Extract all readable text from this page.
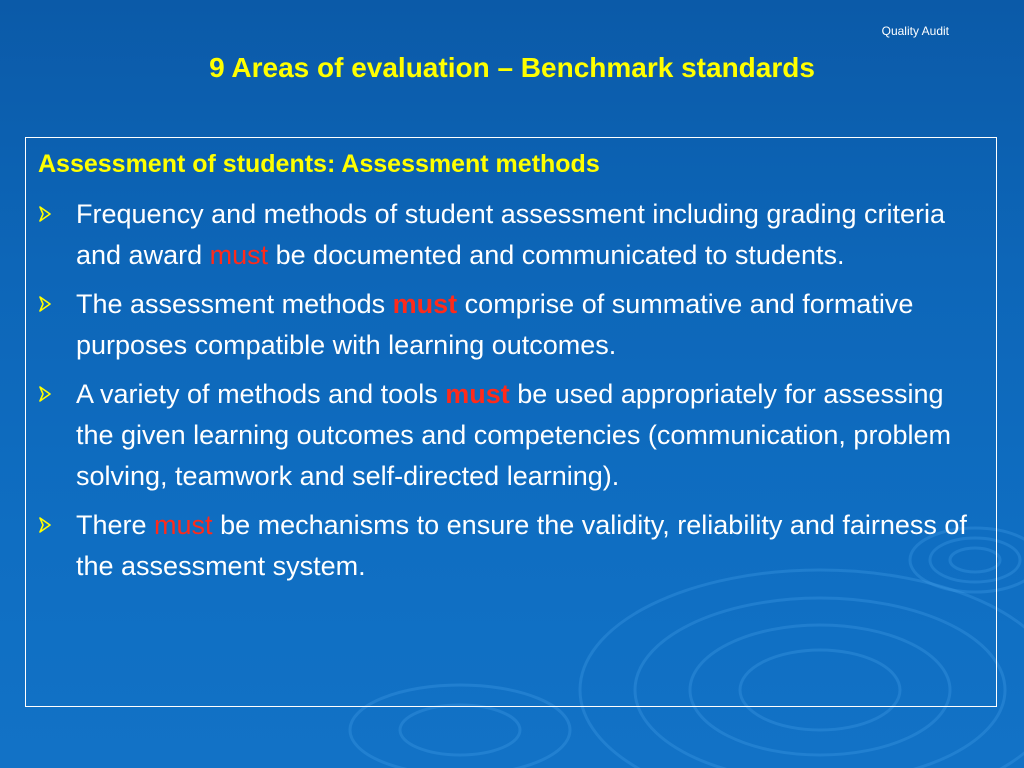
Quality Audit
9 Areas of evaluation – Benchmark standards
Assessment of students: Assessment methods
Frequency and methods of student assessment including grading criteria and award must be documented and communicated to students.
The assessment methods must comprise of summative and formative purposes compatible with learning outcomes.
A variety of methods and tools must be used appropriately for assessing the given learning outcomes and competencies (communication, problem solving, teamwork and self-directed learning).
There must be mechanisms to ensure the validity, reliability and fairness of the assessment system.
